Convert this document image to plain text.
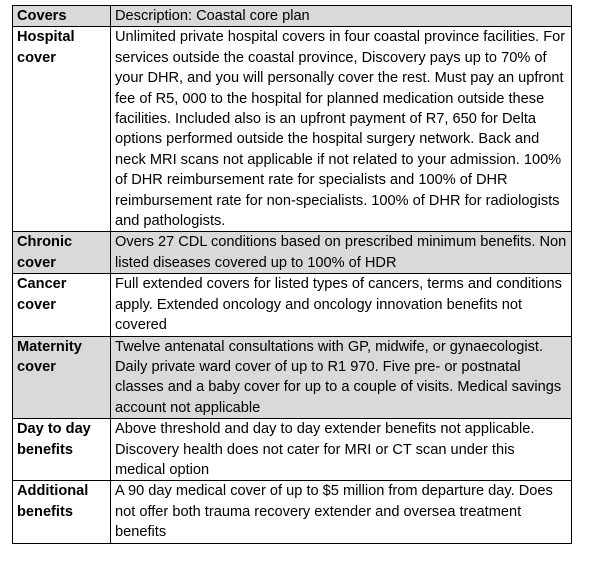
Covers	Description: Coastal core plan
Hospital cover	Unlimited private hospital covers in four coastal province facilities. For services outside the coastal province, Discovery pays up to 70% of your DHR, and you will personally cover the rest. Must pay an upfront fee of R5, 000 to the hospital for planned medication outside these facilities. Included also is an upfront payment of R7, 650 for Delta options performed outside the hospital surgery network. Back and neck MRI scans not applicable if not related to your admission. 100% of DHR reimbursement rate for specialists and 100% of DHR reimbursement rate for non-specialists. 100% of DHR for radiologists and pathologists.
Chronic cover	Overs 27 CDL conditions based on prescribed minimum benefits. Non listed diseases covered up to 100% of HDR
Cancer cover	Full extended covers for listed types of cancers, terms and conditions apply. Extended oncology and oncology innovation benefits not covered
Maternity cover	Twelve antenatal consultations with GP, midwife, or gynaecologist. Daily private ward cover of up to R1 970. Five pre- or postnatal classes and a baby cover for up to a couple of visits. Medical savings account not applicable
Day to day benefits	Above threshold and day to day extender benefits not applicable. Discovery health does not cater for MRI or CT scan under this medical option
Additional benefits	A 90 day medical cover of up to $5 million from departure day. Does not offer both trauma recovery extender and oversea treatment benefits
